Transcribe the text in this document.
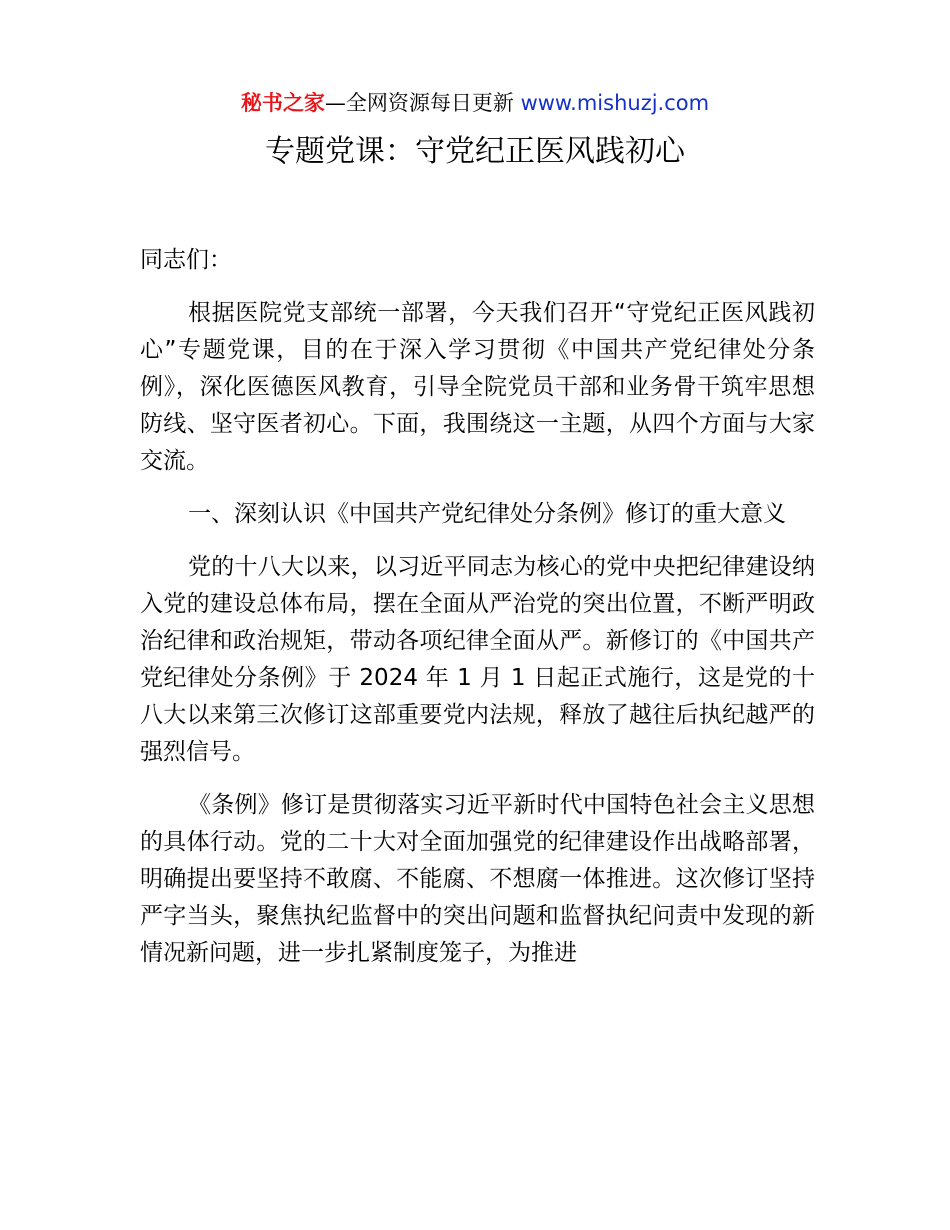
秘书之家—全网资源每日更新 www.mishuzj.com
专题党课：守党纪正医风践初心

同志们：

根据医院党支部统一部署，今天我们召开“守党纪正医风践初心”专题党课，目的在于深入学习贯彻《中国共产党纪律处分条例》，深化医德医风教育，引导全院党员干部和业务骨干筑牢思想防线、坚守医者初心。下面，我围绕这一主题，从四个方面与大家交流。

一、深刻认识《中国共产党纪律处分条例》修订的重大意义

党的十八大以来，以习近平同志为核心的党中央把纪律建设纳入党的建设总体布局，摆在全面从严治党的突出位置，不断严明政治纪律和政治规矩，带动各项纪律全面从严。新修订的《中国共产党纪律处分条例》于 2024 年 1 月 1 日起正式施行，这是党的十八大以来第三次修订这部重要党内法规，释放了越往后执纪越严的强烈信号。

《条例》修订是贯彻落实习近平新时代中国特色社会主义思想的具体行动。党的二十大对全面加强党的纪律建设作出战略部署，明确提出要坚持不敢腐、不能腐、不想腐一体推进。这次修订坚持严字当头，聚焦执纪监督中的突出问题和监督执纪问责中发现的新情况新问题，进一步扎紧制度笼子，为推进
